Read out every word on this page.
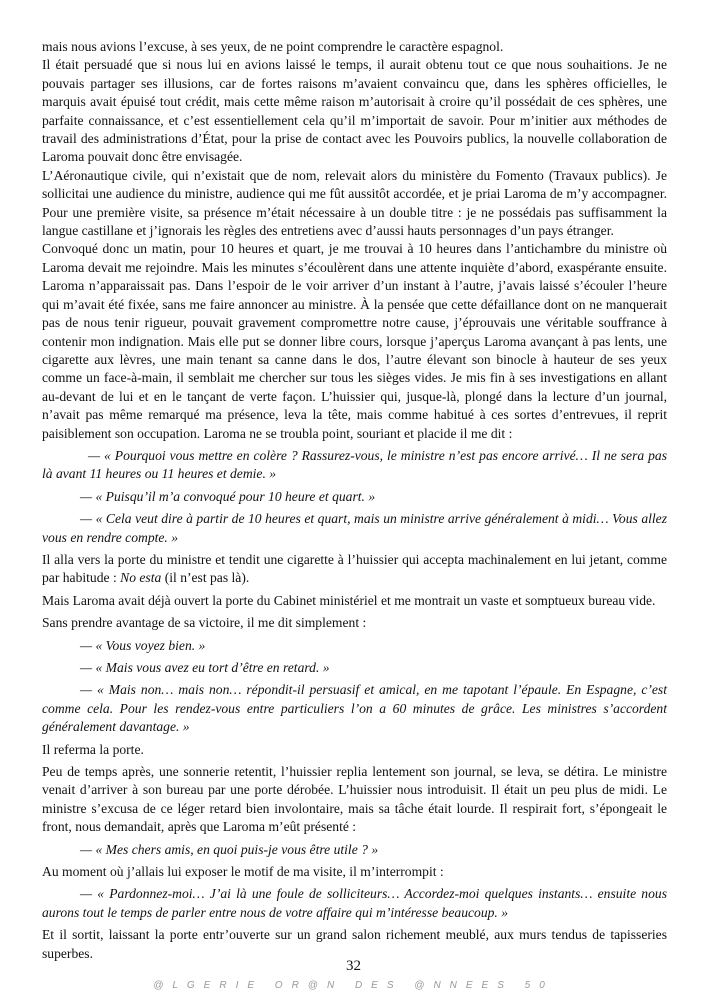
mais nous avions l’excuse, à ses yeux, de ne point comprendre le caractère espagnol.

Il était persuadé que si nous lui en avions laissé le temps, il aurait obtenu tout ce que nous souhaitions. Je ne pouvais partager ses illusions, car de fortes raisons m’avaient convaincu que, dans les sphères officielles, le marquis avait épuisé tout crédit, mais cette même raison m’autorisait à croire qu’il possédait de ces sphères, une parfaite connaissance, et c’est essentiellement cela qu’il m’importait de savoir. Pour m’initier aux méthodes de travail des administrations d’État, pour la prise de contact avec les Pouvoirs publics, la nouvelle collaboration de Laroma pouvait donc être envisagée.

L’Aéronautique civile, qui n’existait que de nom, relevait alors du ministère du Fomento (Travaux publics). Je sollicitai une audience du ministre, audience qui me fût aussitôt accordée, et je priai Laroma de m’y accompagner. Pour une première visite, sa présence m’était nécessaire à un double titre : je ne possédais pas suffisamment la langue castillane et j’ignorais les règles des entretiens avec d’aussi hauts personnages d’un pays étranger.

Convoqué donc un matin, pour 10 heures et quart, je me trouvai à 10 heures dans l’antichambre du ministre où Laroma devait me rejoindre. Mais les minutes s’écoulèrent dans une attente inquiète d’abord, exaspérante ensuite. Laroma n’apparaissait pas. Dans l’espoir de le voir arriver d’un instant à l’autre, j’avais laissé s’écouler l’heure qui m’avait été fixée, sans me faire annoncer au ministre. À la pensée que cette défaillance dont on ne manquerait pas de nous tenir rigueur, pouvait gravement compromettre notre cause, j’éprouvais une véritable souffrance à contenir mon indignation. Mais elle put se donner libre cours, lorsque j’aperçus Laroma avançant à pas lents, une cigarette aux lèvres, une main tenant sa canne dans le dos, l’autre élevant son binocle à hauteur de ses yeux comme un face-à-main, il semblait me chercher sur tous les sièges vides. Je mis fin à ses investigations en allant au-devant de lui et en le tançant de verte façon. L’huissier qui, jusque-là, plongé dans la lecture d’un journal, n’avait pas même remarqué ma présence, leva la tête, mais comme habitué à ces sortes d’entrevues, il reprit paisiblement son occupation. Laroma ne se troubla point, souriant et placide il me dit :

— « Pourquoi vous mettre en colère ? Rassurez-vous, le ministre n’est pas encore arrivé… Il ne sera pas là avant 11 heures ou 11 heures et demie. »

— « Puisqu’il m’a convoqué pour 10 heure et quart. »

— « Cela veut dire à partir de 10 heures et quart, mais un ministre arrive généralement à midi… Vous allez vous en rendre compte. »

Il alla vers la porte du ministre et tendit une cigarette à l’huissier qui accepta machinalement en lui jetant, comme par habitude : No esta (il n’est pas là).

Mais Laroma avait déjà ouvert la porte du Cabinet ministériel et me montrait un vaste et somptueux bureau vide.

Sans prendre avantage de sa victoire, il me dit simplement :

— « Vous voyez bien. »

— « Mais vous avez eu tort d’être en retard. »

— « Mais non… mais non… répondit-il persuasif et amical, en me tapotant l’épaule. En Espagne, c’est comme cela. Pour les rendez-vous entre particuliers l’on a 60 minutes de grâce. Les ministres s’accordent généralement davantage. »

Il referma la porte.

Peu de temps après, une sonnerie retentit, l’huissier replia lentement son journal, se leva, se détira. Le ministre venait d’arriver à son bureau par une porte dérobée. L’huissier nous introduisit. Il était un peu plus de midi. Le ministre s’excusa de ce léger retard bien involontaire, mais sa tâche était lourde. Il respirait fort, s’épongeait le front, nous demandait, après que Laroma m’eût présenté :

— « Mes chers amis, en quoi puis-je vous être utile ? »

Au moment où j’allais lui exposer le motif de ma visite, il m’interrompit :

— « Pardonnez-moi… J’ai là une foule de solliciteurs… Accordez-moi quelques instants… ensuite nous aurons tout le temps de parler entre nous de votre affaire qui m’intéresse beaucoup. »

Et il sortit, laissant la porte entr’ouverte sur un grand salon richement meublé, aux murs tendus de tapisseries superbes.

32
@LGERIE OR@N DES @NNEES 50
